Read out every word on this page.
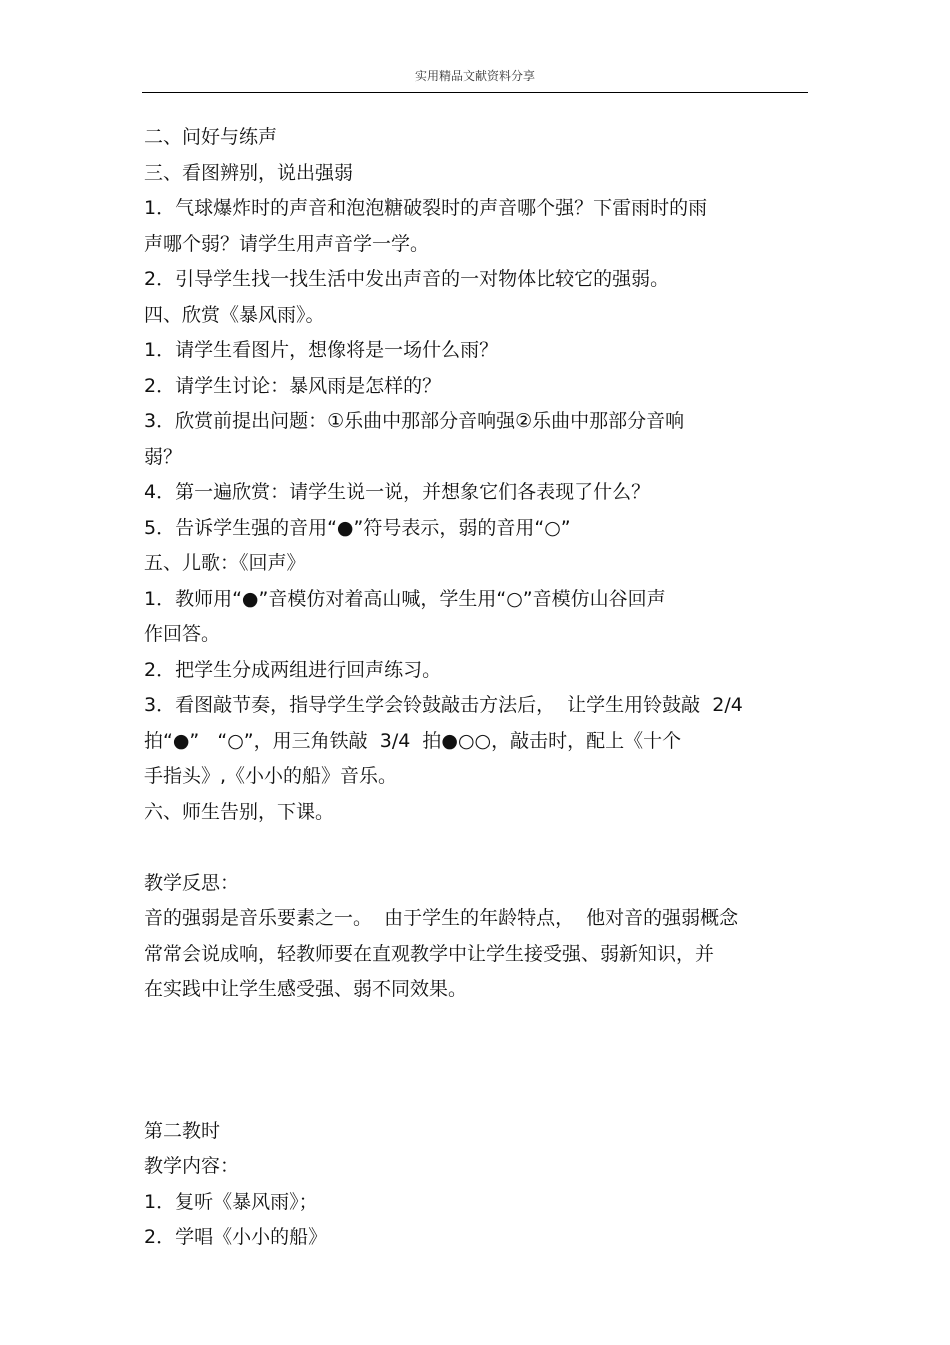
实用精品文献资料分享
二、问好与练声
三、看图辨别，说出强弱
1．气球爆炸时的声音和泡泡糖破裂时的声音哪个强？下雷雨时的雨
声哪个弱？请学生用声音学一学。
2．引导学生找一找生活中发出声音的一对物体比较它的强弱。
四、欣赏《暴风雨》。
1．请学生看图片，想像将是一场什么雨？
2．请学生讨论：暴风雨是怎样的？
3．欣赏前提出问题：①乐曲中那部分音响强②乐曲中那部分音响
弱？
4．第一遍欣赏：请学生说一说，并想象它们各表现了什么？
5．告诉学生强的音用“●”符号表示，弱的音用“○”
五、儿歌：《回声》
1．教师用“●”音模仿对着高山喊，学生用“○”音模仿山谷回声
作回答。
2．把学生分成两组进行回声练习。
3．看图敲节奏，指导学生学会铃鼓敲击方法后，  让学生用铃鼓敲  2/4
拍“●”   “○”，用三角铁敲  3/4  拍●○○，敲击时，配上《十个
手指头》,《小小的船》音乐。
六、师生告别，下课。
教学反思：
音的强弱是音乐要素之一。  由于学生的年龄特点，  他对音的强弱概念
常常会说成响，轻教师要在直观教学中让学生接受强、弱新知识，并
在实践中让学生感受强、弱不同效果。
第二教时
教学内容：
1．复听《暴风雨》；
2．学唱《小小的船》
